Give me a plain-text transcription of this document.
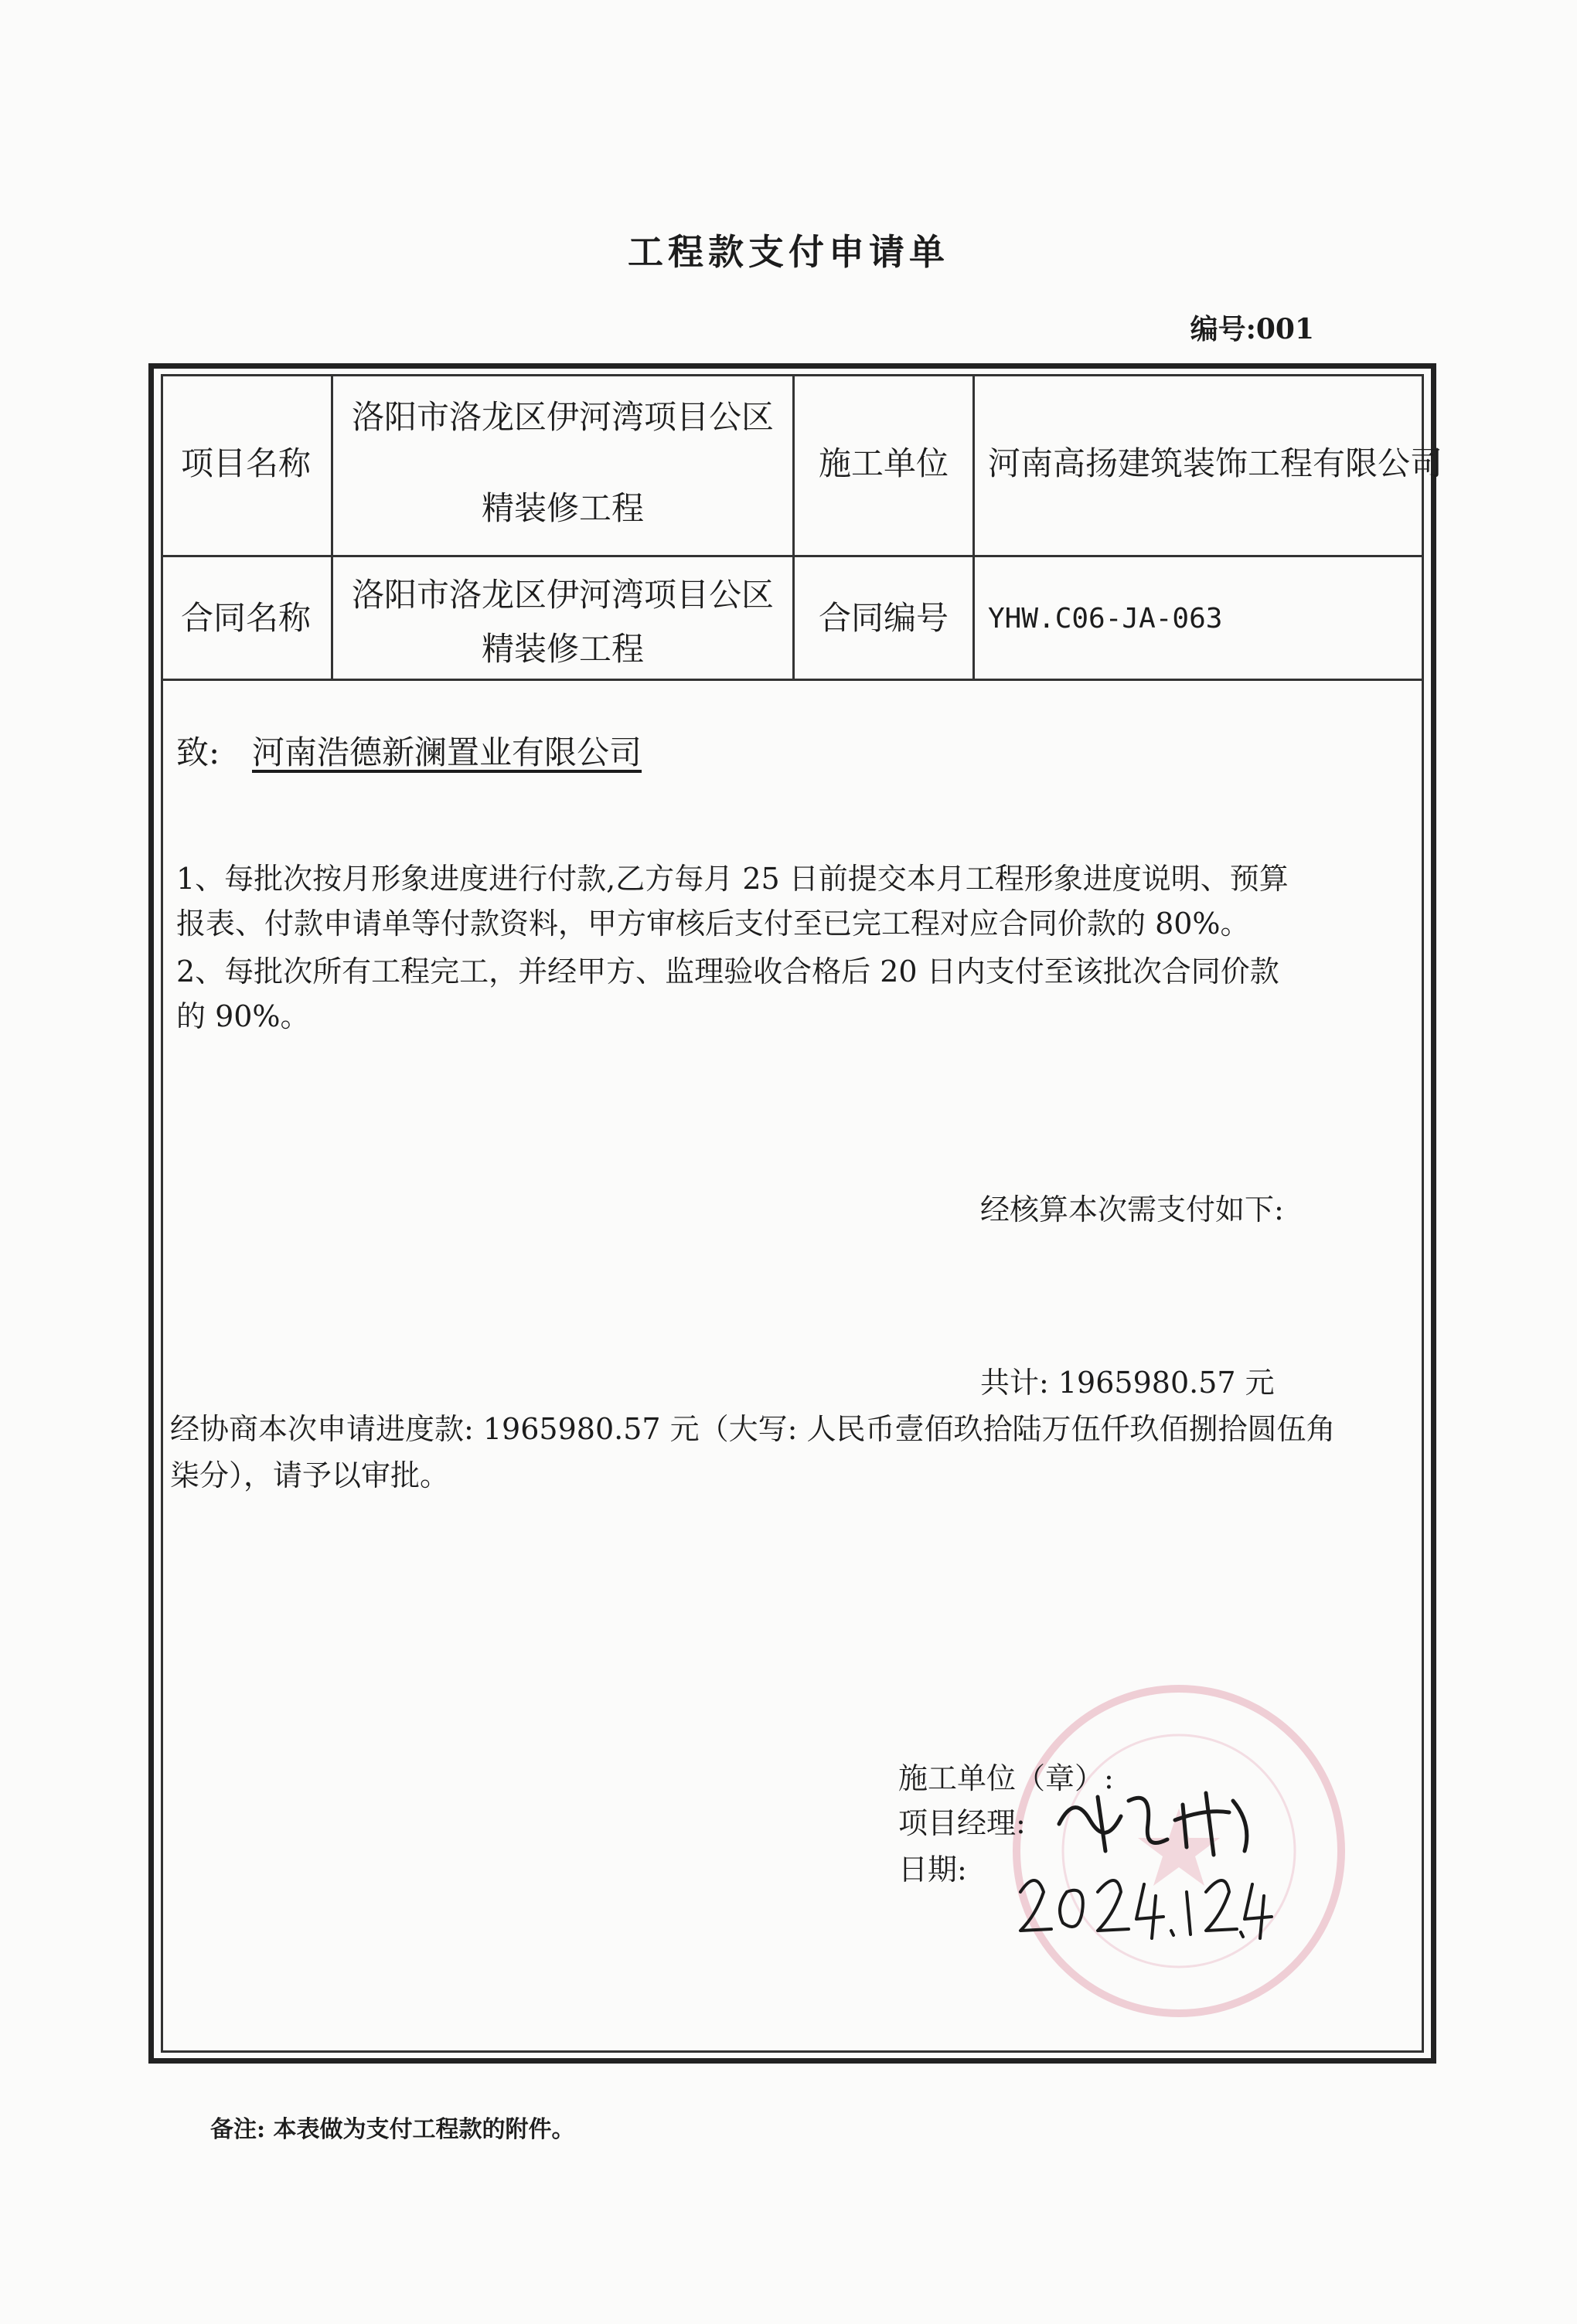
工程款支付申请单
编号:001
项目名称
洛阳市洛龙区伊河湾项目公区
精装修工程
施工单位	河南高扬建筑装饰工程有限公司
合同名称
洛阳市洛龙区伊河湾项目公区
精装修工程
合同编号	YHW.C06-JA-063
致: 河南浩德新澜置业有限公司
1、每批次按月形象进度进行付款,乙方每月 25 日前提交本月工程形象进度说明、预算
报表、付款申请单等付款资料，甲方审核后支付至已完工程对应合同价款的 80%。
2、每批次所有工程完工，并经甲方、监理验收合格后 20 日内支付至该批次合同价款
的 90%。
经核算本次需支付如下:
共计: 1965980.57 元
经协商本次申请进度款: 1965980.57 元（大写: 人民币壹佰玖拾陆万伍仟玖佰捌拾圆伍角
柒分），请予以审批。
施工单位（章）:
项目经理:
日期:
备注: 本表做为支付工程款的附件。
